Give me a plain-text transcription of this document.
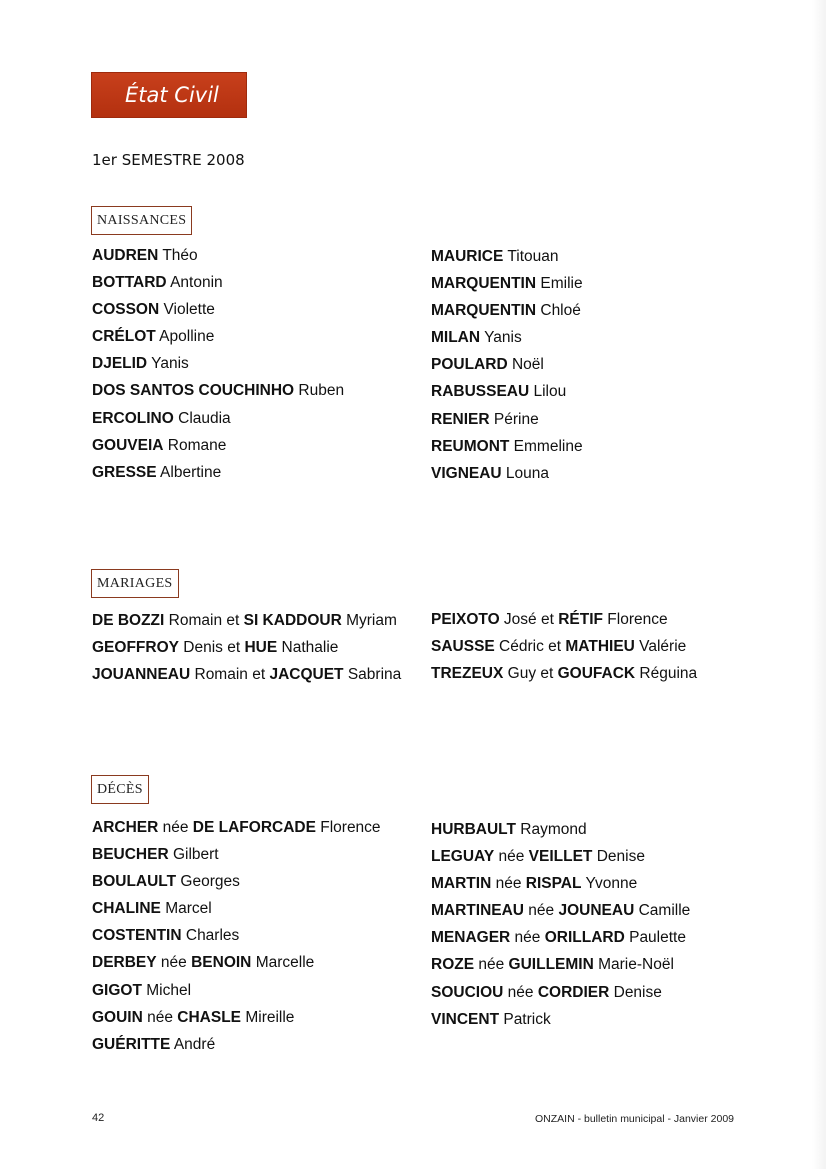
État Civil
1er SEMESTRE 2008
NAISSANCES
AUDREN Théo
BOTTARD Antonin
COSSON Violette
CRÉLOT Apolline
DJELID Yanis
DOS SANTOS COUCHINHO Ruben
ERCOLINO Claudia
GOUVEIA Romane
GRESSE Albertine
MAURICE Titouan
MARQUENTIN Emilie
MARQUENTIN Chloé
MILAN Yanis
POULARD Noël
RABUSSEAU Lilou
RENIER Périne
REUMONT Emmeline
VIGNEAU Louna
MARIAGES
DE BOZZI Romain et SI KADDOUR Myriam
GEOFFROY Denis et HUE Nathalie
JOUANNEAU Romain et JACQUET Sabrina
PEIXOTO José et RÉTIF Florence
SAUSSE Cédric et MATHIEU Valérie
TREZEUX Guy et GOUFACK Réguina
DÉCÈS
ARCHER née DE LAFORCADE Florence
BEUCHER Gilbert
BOULAULT Georges
CHALINE Marcel
COSTENTIN Charles
DERBEY née BENOIN Marcelle
GIGOT Michel
GOUIN née CHASLE Mireille
GUÉRITTE André
HURBAULT Raymond
LEGUAY née VEILLET Denise
MARTIN née RISPAL Yvonne
MARTINEAU née JOUNEAU Camille
MENAGER née ORILLARD Paulette
ROZE née GUILLEMIN Marie-Noël
SOUCIOU née CORDIER Denise
VINCENT Patrick
42	ONZAIN - bulletin municipal - Janvier 2009
